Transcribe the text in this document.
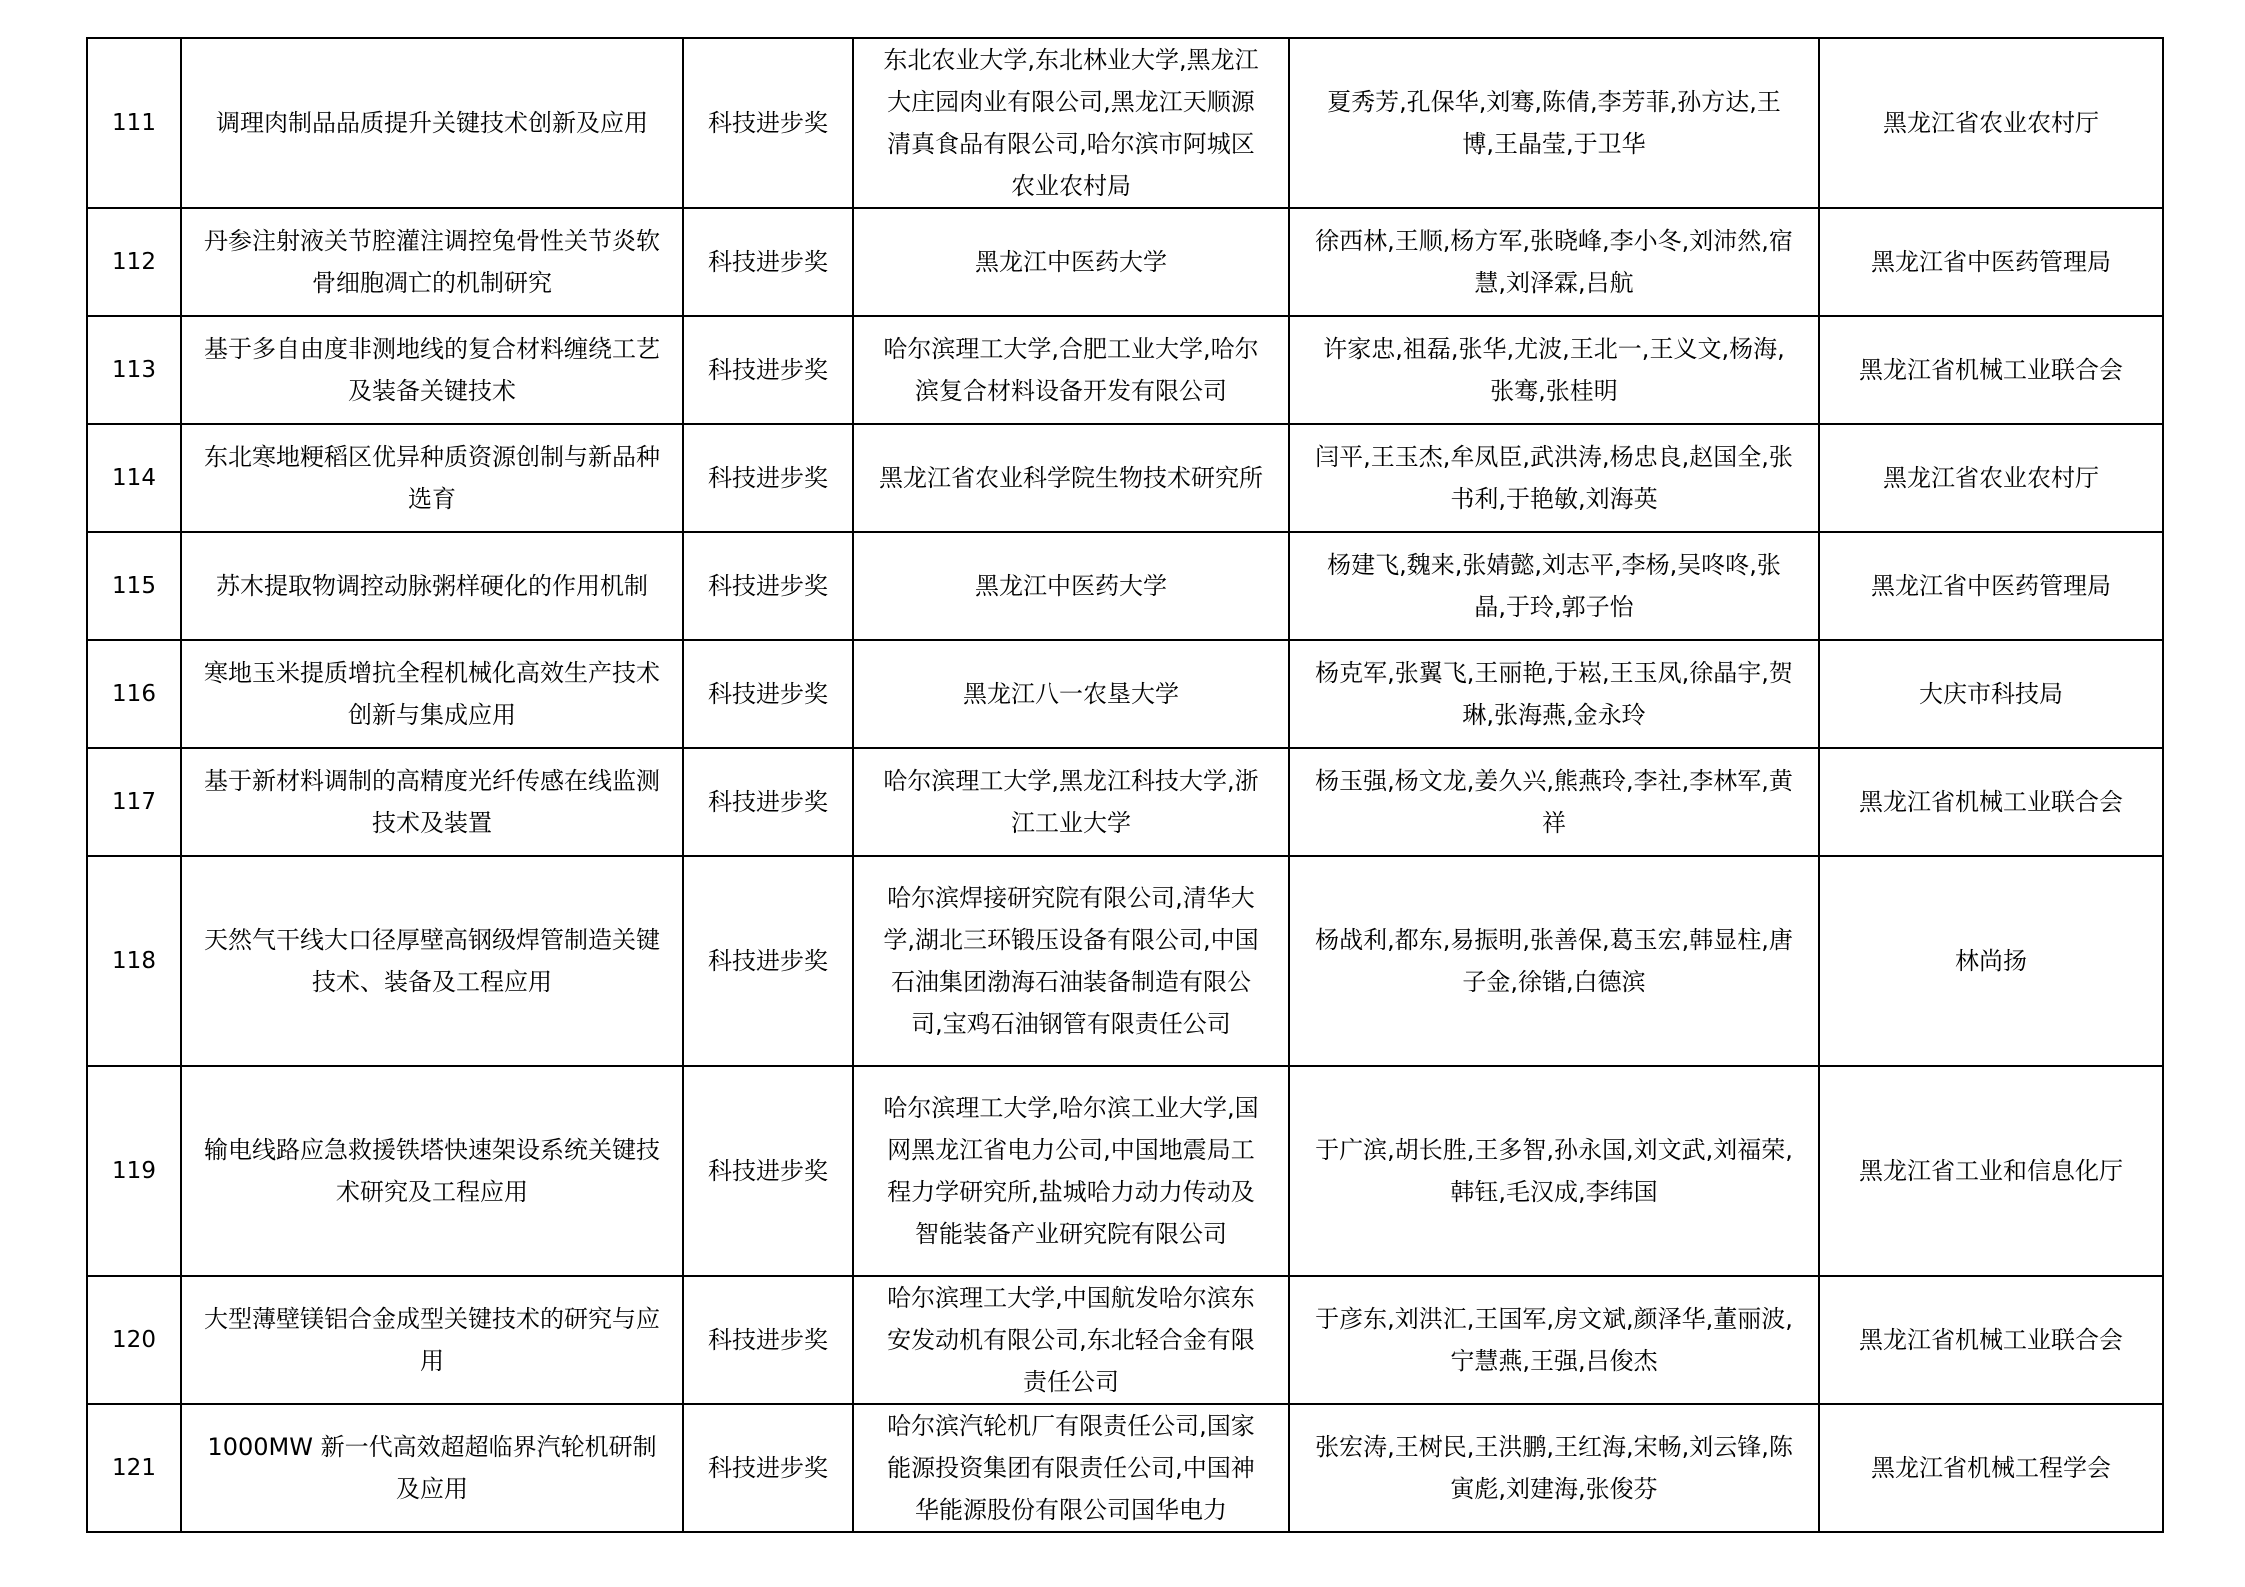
111	调理肉制品品质提升关键技术创新及应用	科技进步奖	东北农业大学,东北林业大学,黑龙江大庄园肉业有限公司,黑龙江天顺源清真食品有限公司,哈尔滨市阿城区农业农村局	夏秀芳,孔保华,刘骞,陈倩,李芳菲,孙方达,王博,王晶莹,于卫华	黑龙江省农业农村厅
112	丹参注射液关节腔灌注调控兔骨性关节炎软骨细胞凋亡的机制研究	科技进步奖	黑龙江中医药大学	徐西林,王顺,杨方军,张晓峰,李小冬,刘沛然,宿慧,刘泽霖,吕航	黑龙江省中医药管理局
113	基于多自由度非测地线的复合材料缠绕工艺及装备关键技术	科技进步奖	哈尔滨理工大学,合肥工业大学,哈尔滨复合材料设备开发有限公司	许家忠,祖磊,张华,尤波,王北一,王义文,杨海,张骞,张桂明	黑龙江省机械工业联合会
114	东北寒地粳稻区优异种质资源创制与新品种选育	科技进步奖	黑龙江省农业科学院生物技术研究所	闫平,王玉杰,牟凤臣,武洪涛,杨忠良,赵国全,张书利,于艳敏,刘海英	黑龙江省农业农村厅
115	苏木提取物调控动脉粥样硬化的作用机制	科技进步奖	黑龙江中医药大学	杨建飞,魏来,张婧懿,刘志平,李杨,吴咚咚,张晶,于玲,郭子怡	黑龙江省中医药管理局
116	寒地玉米提质增抗全程机械化高效生产技术创新与集成应用	科技进步奖	黑龙江八一农垦大学	杨克军,张翼飞,王丽艳,于崧,王玉凤,徐晶宇,贺琳,张海燕,金永玲	大庆市科技局
117	基于新材料调制的高精度光纤传感在线监测技术及装置	科技进步奖	哈尔滨理工大学,黑龙江科技大学,浙江工业大学	杨玉强,杨文龙,姜久兴,熊燕玲,李社,李林军,黄祥	黑龙江省机械工业联合会
118	天然气干线大口径厚壁高钢级焊管制造关键技术、装备及工程应用	科技进步奖	哈尔滨焊接研究院有限公司,清华大学,湖北三环锻压设备有限公司,中国石油集团渤海石油装备制造有限公司,宝鸡石油钢管有限责任公司	杨战利,都东,易振明,张善保,葛玉宏,韩显柱,唐子金,徐锴,白德滨	林尚扬
119	输电线路应急救援铁塔快速架设系统关键技术研究及工程应用	科技进步奖	哈尔滨理工大学,哈尔滨工业大学,国网黑龙江省电力公司,中国地震局工程力学研究所,盐城哈力动力传动及智能装备产业研究院有限公司	于广滨,胡长胜,王多智,孙永国,刘文武,刘福荣,韩钰,毛汉成,李纬国	黑龙江省工业和信息化厅
120	大型薄壁镁铝合金成型关键技术的研究与应用	科技进步奖	哈尔滨理工大学,中国航发哈尔滨东安发动机有限公司,东北轻合金有限责任公司	于彦东,刘洪汇,王国军,房文斌,颜泽华,董丽波,宁慧燕,王强,吕俊杰	黑龙江省机械工业联合会
121	1000MW 新一代高效超超临界汽轮机研制及应用	科技进步奖	哈尔滨汽轮机厂有限责任公司,国家能源投资集团有限责任公司,中国神华能源股份有限公司国华电力	张宏涛,王树民,王洪鹏,王红海,宋畅,刘云锋,陈寅彪,刘建海,张俊芬	黑龙江省机械工程学会
